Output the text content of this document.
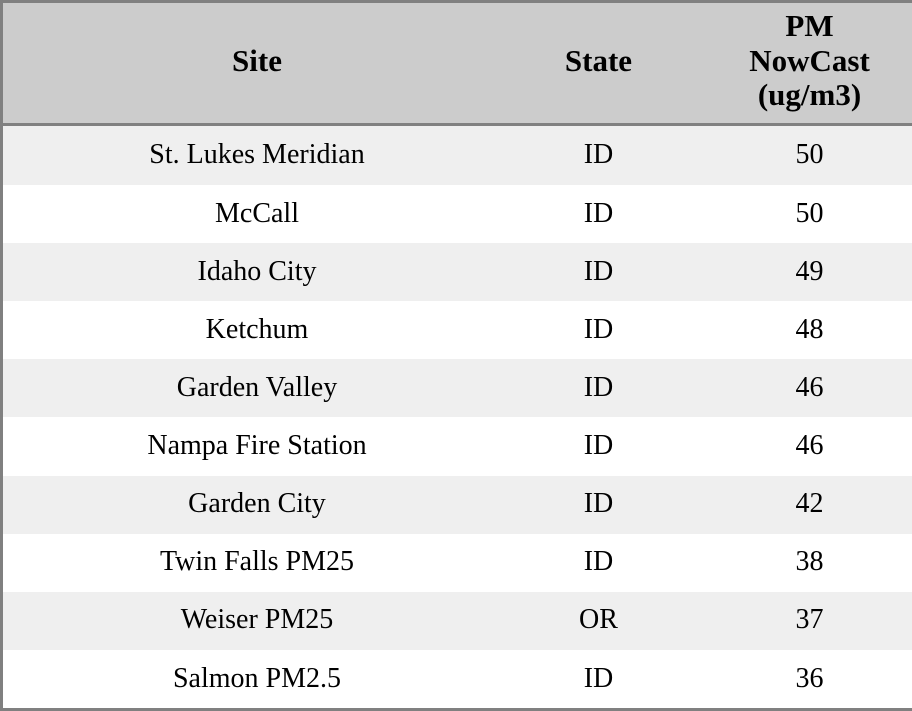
Site	State	PM
NowCast
(ug/m3)

St. Lukes Meridian	ID	50
McCall	ID	50
Idaho City	ID	49
Ketchum	ID	48
Garden Valley	ID	46
Nampa Fire Station	ID	46
Garden City	ID	42
Twin Falls PM25	ID	38
Weiser PM25	OR	37
Salmon PM2.5	ID	36
